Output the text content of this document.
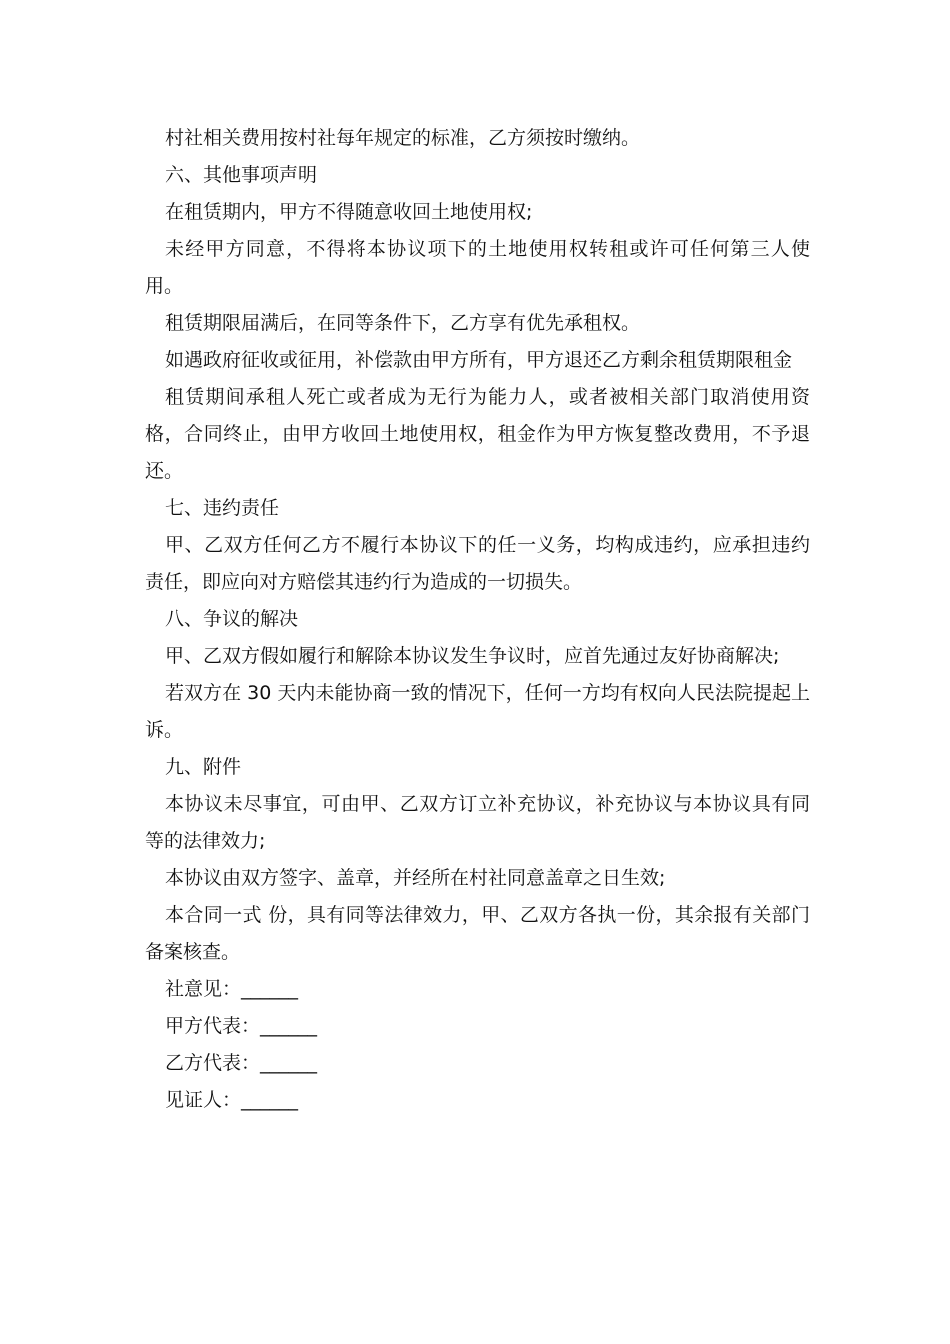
村社相关费用按村社每年规定的标准，乙方须按时缴纳。

六、其他事项声明

在租赁期内，甲方不得随意收回土地使用权;

未经甲方同意，不得将本协议项下的土地使用权转租或许可任何第三人使用。

租赁期限届满后，在同等条件下，乙方享有优先承租权。

如遇政府征收或征用，补偿款由甲方所有，甲方退还乙方剩余租赁期限租金

租赁期间承租人死亡或者成为无行为能力人，或者被相关部门取消使用资格，合同终止，由甲方收回土地使用权，租金作为甲方恢复整改费用，不予退还。

七、违约责任

甲、乙双方任何乙方不履行本协议下的任一义务，均构成违约，应承担违约责任，即应向对方赔偿其违约行为造成的一切损失。

八、争议的解决

甲、乙双方假如履行和解除本协议发生争议时，应首先通过友好协商解决;

若双方在 30 天内未能协商一致的情况下，任何一方均有权向人民法院提起上诉。

九、附件

本协议未尽事宜，可由甲、乙双方订立补充协议，补充协议与本协议具有同等的法律效力;

本协议由双方签字、盖章，并经所在村社同意盖章之日生效;

本合同一式 份，具有同等法律效力，甲、乙双方各执一份，其余报有关部门备案核查。

社意见：______

甲方代表：______

乙方代表：______

见证人：______
